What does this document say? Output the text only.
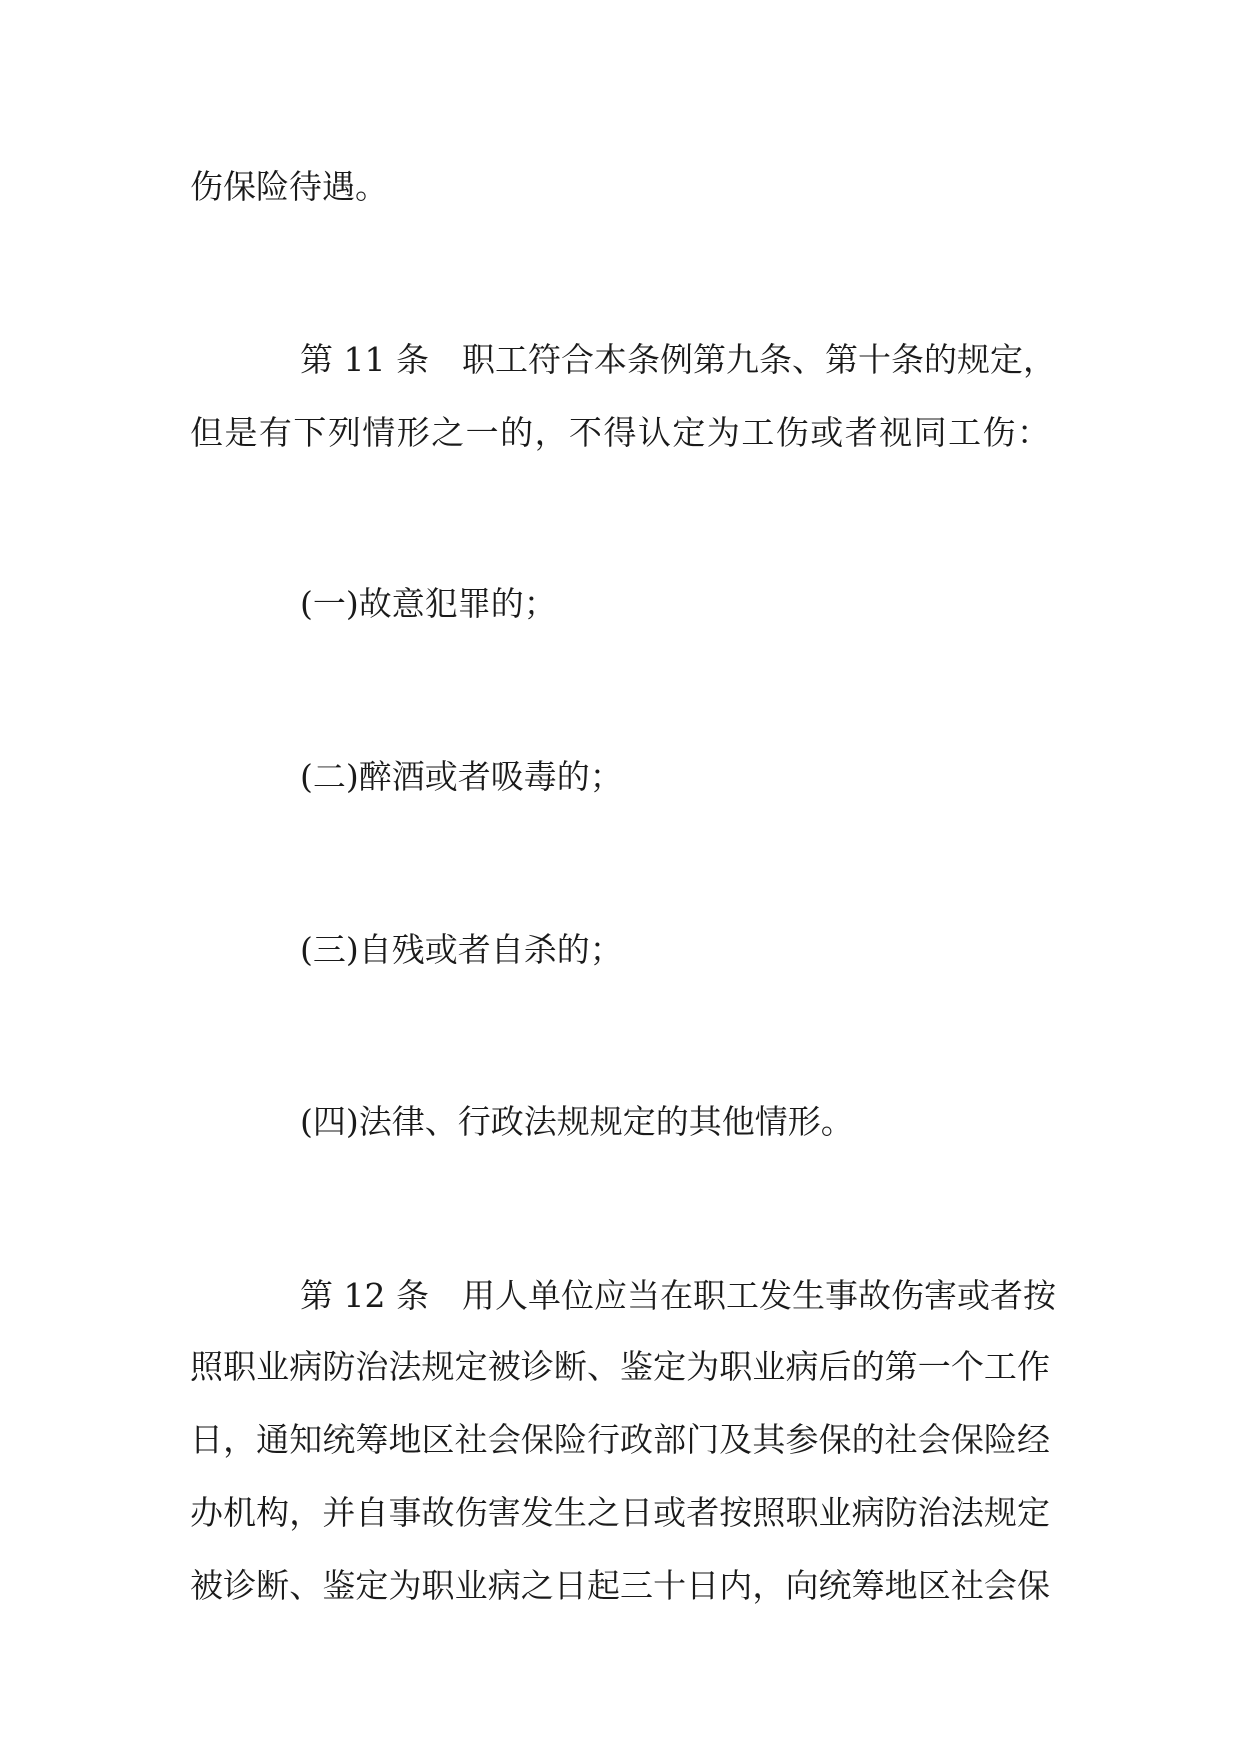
伤保险待遇。
第 11 条　职工符合本条例第九条、第十条的规定，
但是有下列情形之一的，不得认定为工伤或者视同工伤：
(一)故意犯罪的；
(二)醉酒或者吸毒的；
(三)自残或者自杀的；
(四)法律、行政法规规定的其他情形。
第 12 条　用人单位应当在职工发生事故伤害或者按
照职业病防治法规定被诊断、鉴定为职业病后的第一个工作
日，通知统筹地区社会保险行政部门及其参保的社会保险经
办机构，并自事故伤害发生之日或者按照职业病防治法规定
被诊断、鉴定为职业病之日起三十日内，向统筹地区社会保
